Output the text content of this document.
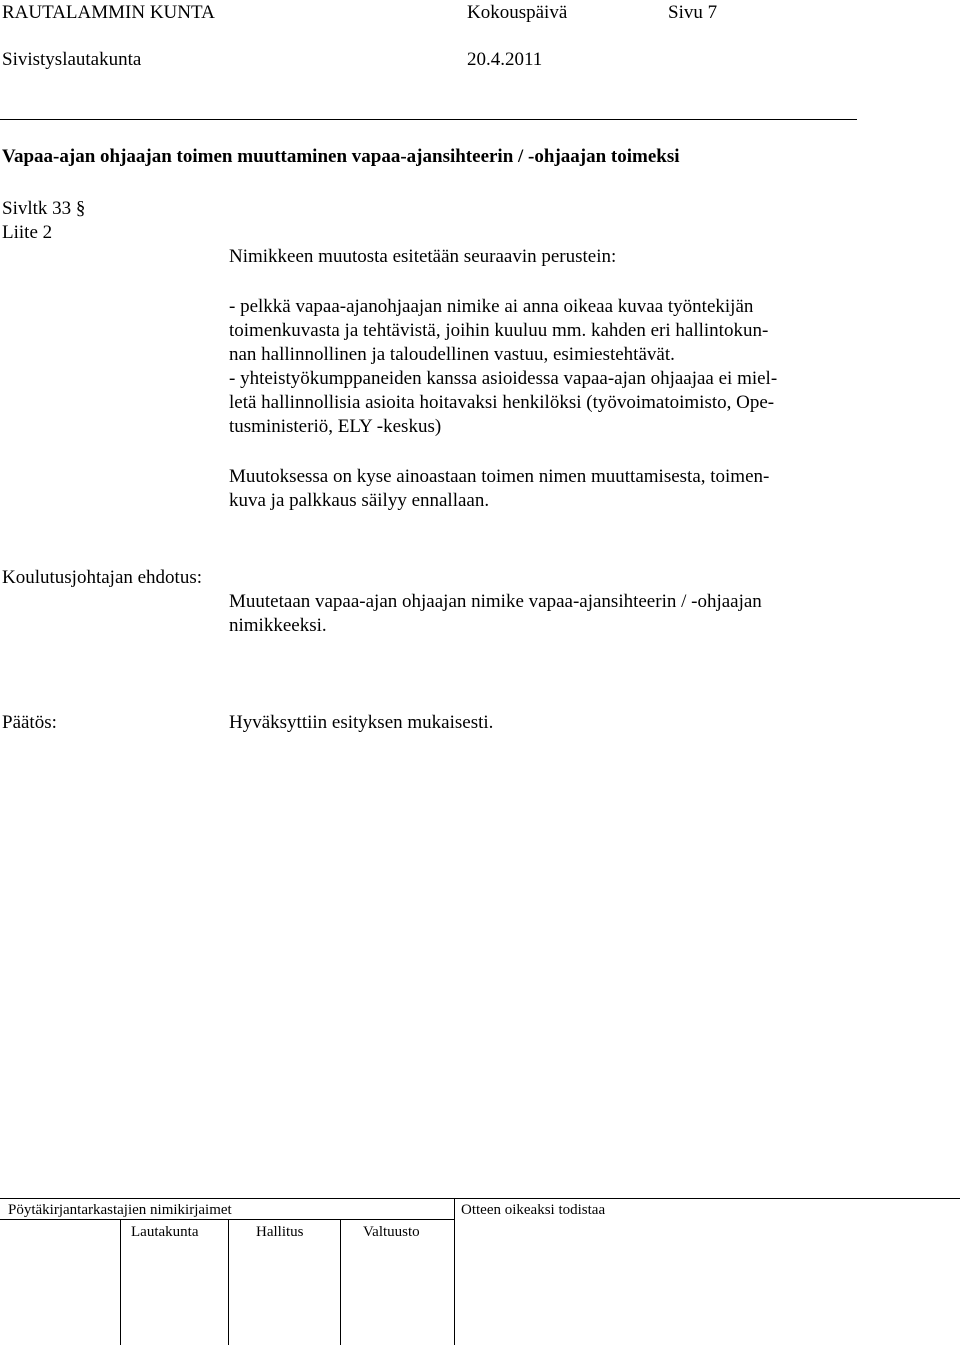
RAUTALAMMIN KUNTA	Kokouspäivä	Sivu 7
Sivistyslautakunta	20.4.2011
Vapaa-ajan ohjaajan toimen muuttaminen vapaa-ajansihteerin / -ohjaajan toimeksi
Sivltk 33 §
Liite 2
Nimikkeen muutosta esitetään seuraavin perustein:
- pelkkä vapaa-ajanohjaajan nimike ai anna oikeaa kuvaa työntekijän
toimenkuvasta ja tehtävistä, joihin kuuluu mm. kahden eri hallintokun-
nan hallinnollinen ja taloudellinen vastuu, esimiestehtävät.
- yhteistyökumppaneiden kanssa asioidessa vapaa-ajan ohjaajaa ei miel-
letä hallinnollisia asioita hoitavaksi henkilöksi (työvoimatoimisto, Ope-
tusministeriö, ELY -keskus)
Muutoksessa on kyse ainoastaan toimen nimen muuttamisesta, toimen-
kuva ja palkkaus säilyy ennallaan.
Koulutusjohtajan ehdotus:
Muutetaan vapaa-ajan ohjaajan nimike vapaa-ajansihteerin / -ohjaajan
nimikkeeksi.
Päätös:	Hyväksyttiin esityksen mukaisesti.
Pöytäkirjantarkastajien nimikirjaimet
Lautakunta	Hallitus	Valtuusto
Otteen oikeaksi todistaa
